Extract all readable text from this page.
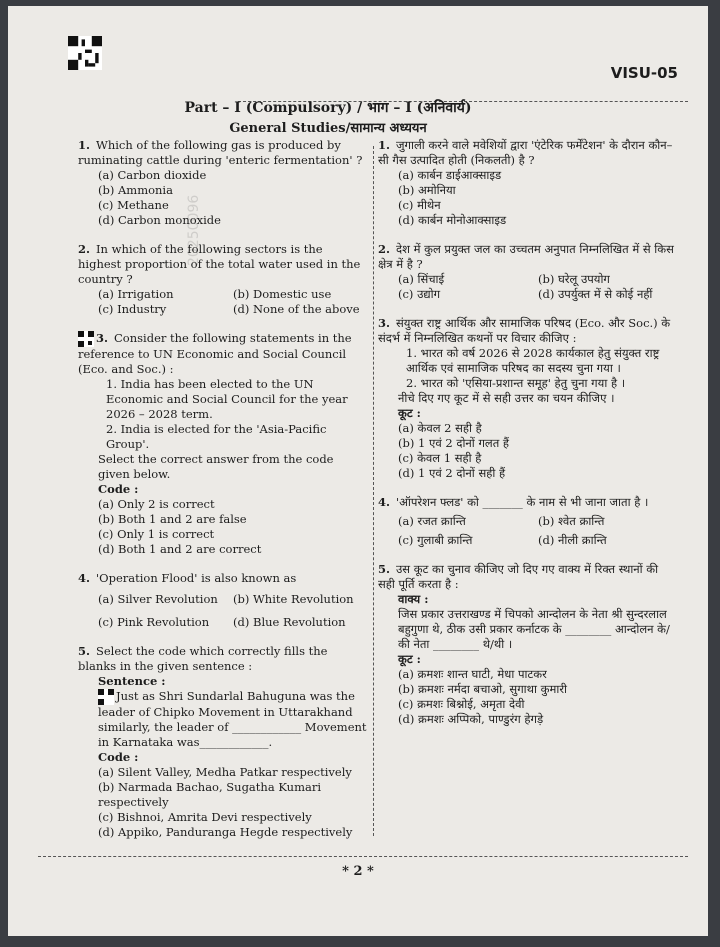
VISU-05
Part – I (Compulsory) / भाग – I (अनिवार्य)
General Studies/सामान्य अध्ययन
20250096
1. Which of the following gas is produced by ruminating cattle during 'enteric fermentation' ?
(a) Carbon dioxide
(b) Ammonia
(c) Methane
(d) Carbon monoxide
2. In which of the following sectors is the highest proportion of the total water used in the country ?
(a) Irrigation	(b) Domestic use
(c) Industry	(d) None of the above
3. Consider the following statements in the reference to UN Economic and Social Council (Eco. and Soc.) :
1. India has been elected to the UN Economic and Social Council for the year 2026 – 2028 term.
2. India is elected for the 'Asia-Pacific Group'.
Select the correct answer from the code given below.
Code :
(a) Only 2 is correct
(b) Both 1 and 2 are false
(c) Only 1 is correct
(d) Both 1 and 2 are correct
4. 'Operation Flood' is also known as
(a) Silver Revolution	(b) White Revolution
(c) Pink Revolution	(d) Blue Revolution
5. Select the code which correctly fills the blanks in the given sentence :
Sentence :
Just as Shri Sundarlal Bahuguna was the leader of Chipko Movement in Uttarakhand similarly, the leader of ____________ Movement in Karnataka was____________.
Code :
(a) Silent Valley, Medha Patkar respectively
(b) Narmada Bachao, Sugatha Kumari respectively
(c) Bishnoi, Amrita Devi respectively
(d) Appiko, Panduranga Hegde respectively
1. जुगाली करने वाले मवेशियों द्वारा 'एंटेरिक फर्मेंटेशन' के दौरान कौन–सी गैस उत्पादित होती (निकलती) है ?
(a) कार्बन डाईआक्साइड
(b) अमोनिया
(c) मीथेन
(d) कार्बन मोनोआक्साइड
2. देश में कुल प्रयुक्त जल का उच्चतम अनुपात निम्नलिखित में से किस क्षेत्र में है ?
(a) सिंचाई	(b) घरेलू उपयोग
(c) उद्योग	(d) उपर्युक्त में से कोई नहीं
3. संयुक्त राष्ट्र आर्थिक और सामाजिक परिषद (Eco. और Soc.) के संदर्भ में निम्नलिखित कथनों पर विचार कीजिए :
1. भारत को वर्ष 2026 से 2028 कार्यकाल हेतु संयुक्त राष्ट्र आर्थिक एवं सामाजिक परिषद का सदस्य चुना गया ।
2. भारत को 'एसिया-प्रशान्त समूह' हेतु चुना गया है ।
नीचे दिए गए कूट में से सही उत्तर का चयन कीजिए ।
कूट :
(a) केवल 2 सही है
(b) 1 एवं 2 दोनों गलत हैं
(c) केवल 1 सही है
(d) 1 एवं 2 दोनों सही हैं
4. 'ऑपरेशन फ्लड' को _______ के नाम से भी जाना जाता है ।
(a) रजत क्रान्ति	(b) श्वेत क्रान्ति
(c) गुलाबी क्रान्ति	(d) नीली क्रान्ति
5. उस कूट का चुनाव कीजिए जो दिए गए वाक्य में रिक्त स्थानों की सही पूर्ति करता है :
वाक्य :
जिस प्रकार उत्तराखण्ड में चिपको आन्दोलन के नेता श्री सुन्दरलाल बहुगुणा थे, ठीक उसी प्रकार कर्नाटक के ________ आन्दोलन के/की नेता ________ थे/थी ।
कूट :
(a) क्रमशः शान्त घाटी, मेधा पाटकर
(b) क्रमशः नर्मदा बचाओ, सुगाथा कुमारी
(c) क्रमशः बिश्नोई, अमृता देवी
(d) क्रमशः अप्पिको, पाण्डुरंग हेगड़े
* 2 *
